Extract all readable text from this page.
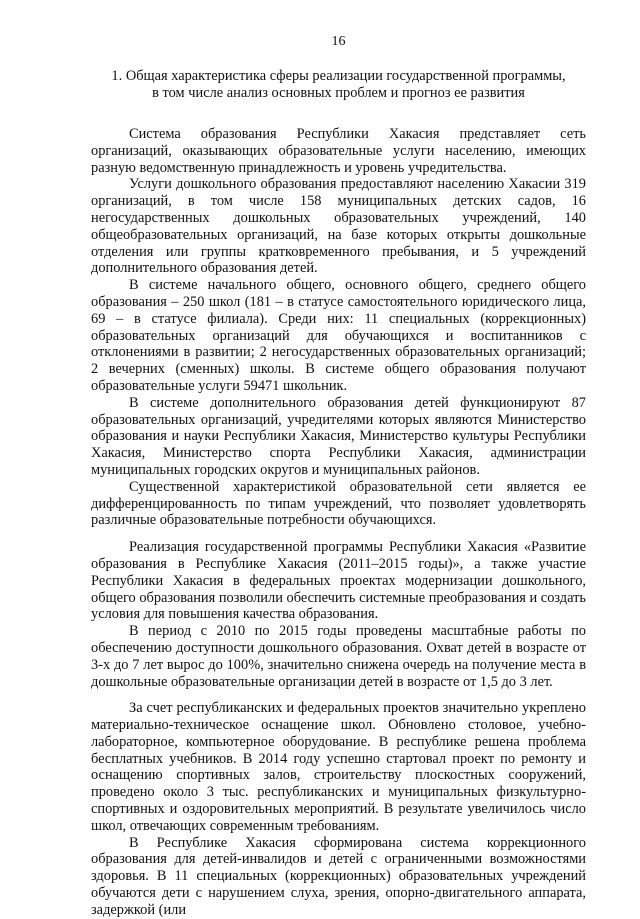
16
1. Общая характеристика сферы реализации государственной программы,
в том числе анализ основных проблем и прогноз ее развития

Система образования Республики Хакасия представляет сеть организаций, оказывающих образовательные услуги населению, имеющих разную ведомственную принадлежность и уровень учредительства.

Услуги дошкольного образования предоставляют населению Хакасии 319 организаций, в том числе 158 муниципальных детских садов, 16 негосударственных дошкольных образовательных учреждений, 140 общеобразовательных организаций, на базе которых открыты дошкольные отделения или группы кратковременного пребывания, и 5 учреждений дополнительного образования детей.

В системе начального общего, основного общего, среднего общего образования – 250 школ (181 – в статусе самостоятельного юридического лица, 69 – в статусе филиала). Среди них: 11 специальных (коррекционных) образовательных организаций для обучающихся и воспитанников с отклонениями в развитии; 2 негосударственных образовательных организаций; 2 вечерних (сменных) школы. В системе общего образования получают образовательные услуги 59471 школьник.

В системе дополнительного образования детей функционируют 87 образовательных организаций, учредителями которых являются Министерство образования и науки Республики Хакасия, Министерство культуры Республики Хакасия, Министерство спорта Республики Хакасия, администрации муниципальных городских округов и муниципальных районов.

Существенной характеристикой образовательной сети является ее дифференцированность по типам учреждений, что позволяет удовлетворять различные образовательные потребности обучающихся.

Реализация государственной программы Республики Хакасия «Развитие образования в Республике Хакасия (2011–2015 годы)», а также участие Республики Хакасия в федеральных проектах модернизации дошкольного, общего образования позволили обеспечить системные преобразования и создать условия для повышения качества образования.

В период с 2010 по 2015 годы проведены масштабные работы по обеспечению доступности дошкольного образования. Охват детей в возрасте от 3-х до 7 лет вырос до 100%, значительно снижена очередь на получение места в дошкольные образовательные организации детей в возрасте от 1,5 до 3 лет.

За счет республиканских и федеральных проектов значительно укреплено материально-техническое оснащение школ. Обновлено столовое, учебно-лабораторное, компьютерное оборудование. В республике решена проблема бесплатных учебников. В 2014 году успешно стартовал проект по ремонту и оснащению спортивных залов, строительству плоскостных сооружений, проведено около 3 тыс. республиканских и муниципальных физкультурно-спортивных и оздоровительных мероприятий. В результате увеличилось число школ, отвечающих современным требованиям.

В Республике Хакасия сформирована система коррекционного образования для детей-инвалидов и детей с ограниченными возможностями здоровья. В 11 специальных (коррекционных) образовательных учреждений обучаются дети с нарушением слуха, зрения, опорно-двигательного аппарата, задержкой (или
